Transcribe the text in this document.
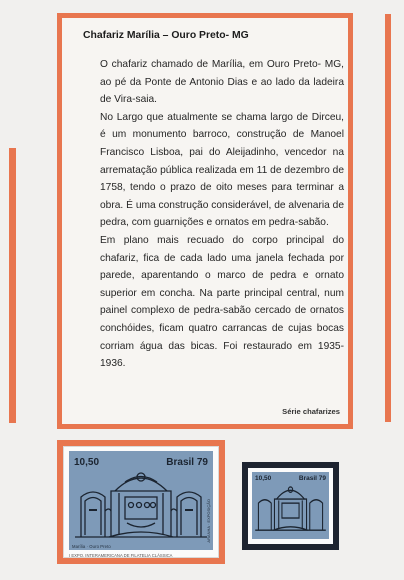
Chafariz Marília – Ouro Preto- MG

O chafariz chamado de Marília, em Ouro Preto- MG, ao pé da Ponte de Antonio Dias e ao lado da ladeira de Vira-saia.

No Largo que atualmente se chama largo de Dirceu, é um monumento barroco, construção de Manoel Francisco Lisboa, pai do Aleijadinho, vencedor na arrematação pública realizada em 11 de dezembro de 1758, tendo o prazo de oito meses para terminar a obra. É uma construção considerável, de alvenaria de pedra, com guarnições e ornatos em pedra-sabão.

Em plano mais recuado do corpo principal do chafariz, fica de cada lado uma janela fechada por parede, aparentando o marco de pedra e ornato superior em concha. Na parte principal central, num painel complexo de pedra-sabão cercado de ornatos conchóides, ficam quatro carrancas de cujas bocas corriam água das bicas. Foi restaurado em 1935-1936.

Série chafarizes
10,50	Brasil 79
Marília · Ouro Preto
ARANHA · EXPOSIÇÃO
I EXPO. INTERAMERICANA DE FILATELIA CLÁSSICA
10,50	Brasil 79
